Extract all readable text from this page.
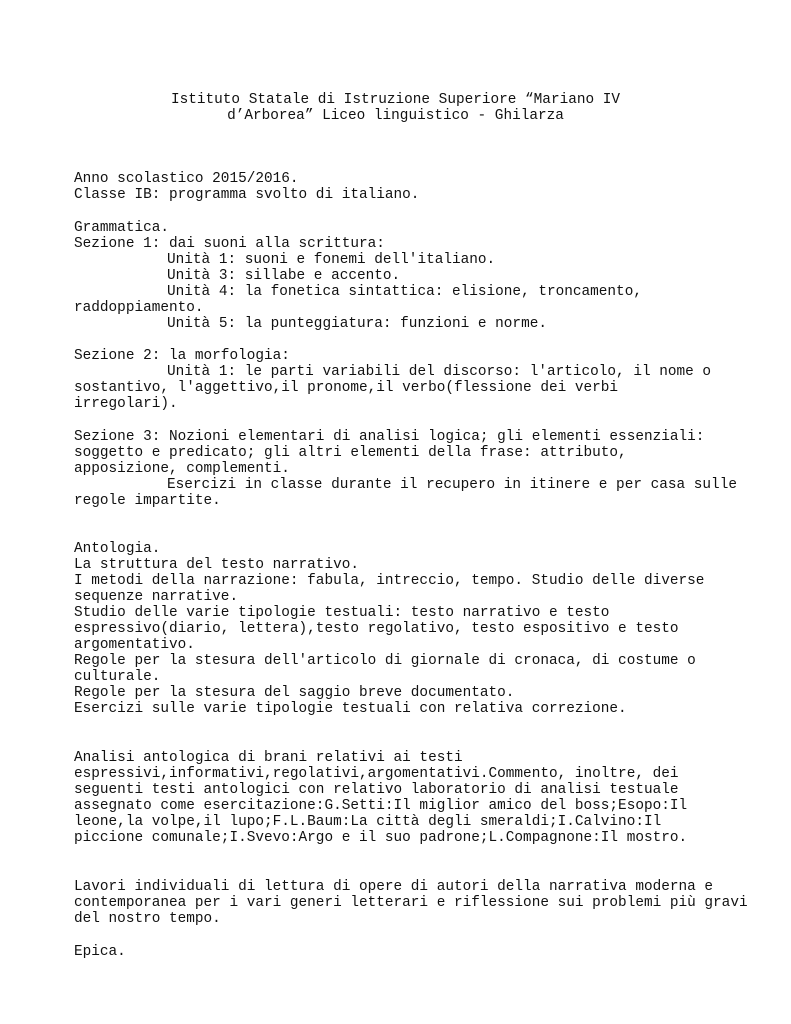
Istituto Statale di Istruzione Superiore “Mariano IV
d’Arborea” Liceo linguistico - Ghilarza
Anno scolastico 2015/2016.
Classe IB: programma svolto di italiano.
Grammatica.
Sezione 1: dai suoni alla scrittura:
Unità 1: suoni e fonemi dell'italiano.
Unità 3: sillabe e accento.
Unità 4: la fonetica sintattica: elisione, troncamento,
raddoppiamento.
Unità 5: la punteggiatura: funzioni e norme.
Sezione 2: la morfologia:
Unità 1: le parti variabili del discorso: l'articolo, il nome o
sostantivo, l'aggettivo,il pronome,il verbo(flessione dei verbi
irregolari).
Sezione 3: Nozioni elementari di analisi logica; gli elementi essenziali:
soggetto e predicato; gli altri elementi della frase: attributo,
apposizione, complementi.
Esercizi in classe durante il recupero in itinere e per casa sulle
regole impartite.
Antologia.
La struttura del testo narrativo.
I metodi della narrazione: fabula, intreccio, tempo. Studio delle diverse
sequenze narrative.
Studio delle varie tipologie testuali: testo narrativo e testo
espressivo(diario, lettera),testo regolativo, testo espositivo e testo
argomentativo.
Regole per la stesura dell'articolo di giornale di cronaca, di costume o
culturale.
Regole per la stesura del saggio breve documentato.
Esercizi sulle varie tipologie testuali con relativa correzione.
Analisi antologica di brani relativi ai testi
espressivi,informativi,regolativi,argomentativi.Commento, inoltre, dei
seguenti testi antologici con relativo laboratorio di analisi testuale
assegnato come esercitazione:G.Setti:Il miglior amico del boss;Esopo:Il
leone,la volpe,il lupo;F.L.Baum:La città degli smeraldi;I.Calvino:Il
piccione comunale;I.Svevo:Argo e il suo padrone;L.Compagnone:Il mostro.
Lavori individuali di lettura di opere di autori della narrativa moderna e
contemporanea per i vari generi letterari e riflessione sui problemi più gravi
del nostro tempo.
Epica.
